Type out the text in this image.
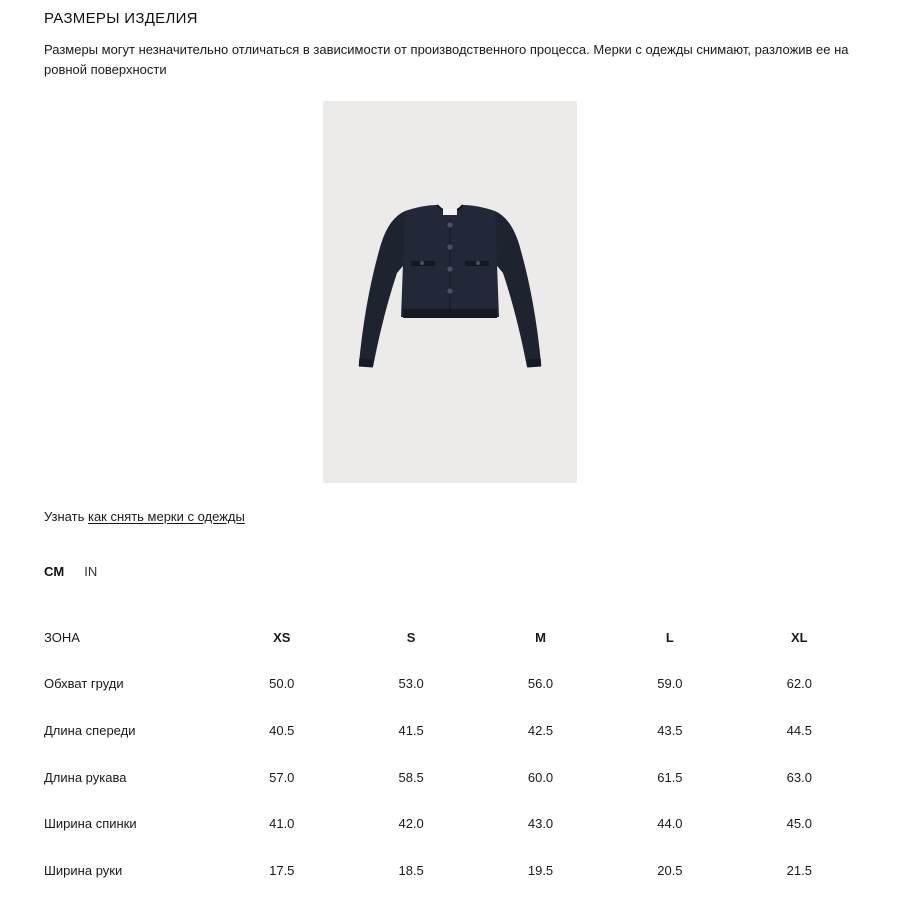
РАЗМЕРЫ ИЗДЕЛИЯ

Размеры могут незначительно отличаться в зависимости от производственного процесса. Мерки с одежды снимают, разложив ее на ровной поверхности

Узнать как снять мерки с одежды
CM IN
ЗОНА	XS	S	M	L	XL
Обхват груди	50.0	53.0	56.0	59.0	62.0
Длина спереди	40.5	41.5	42.5	43.5	44.5
Длина рукава	57.0	58.5	60.0	61.5	63.0
Ширина спинки	41.0	42.0	43.0	44.0	45.0
Ширина руки	17.5	18.5	19.5	20.5	21.5
